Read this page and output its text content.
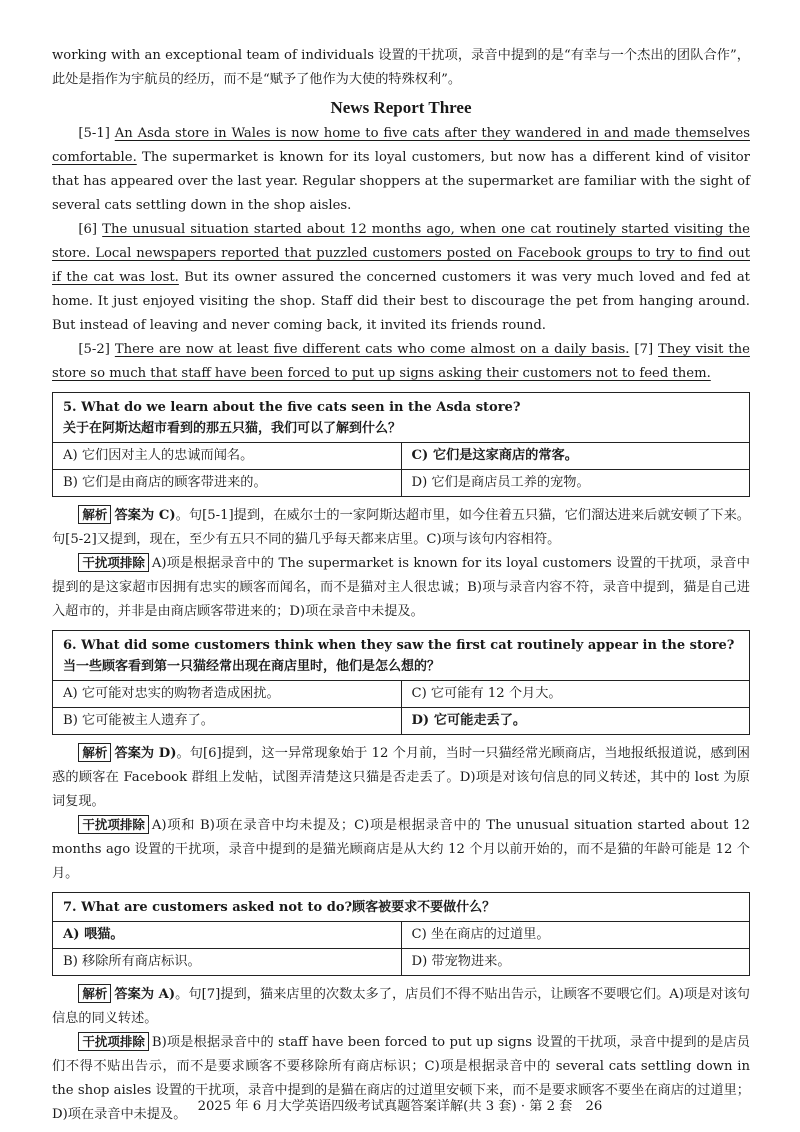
working with an exceptional team of individuals 设置的干扰项，录音中提到的是“有幸与一个杰出的团队合作”，此处是指作为宇航员的经历，而不是“赋予了他作为大使的特殊权利”。

News Report Three

[5-1] An Asda store in Wales is now home to five cats after they wandered in and made themselves comfortable. The supermarket is known for its loyal customers, but now has a different kind of visitor that has appeared over the last year. Regular shoppers at the supermarket are familiar with the sight of several cats settling down in the shop aisles.

[6] The unusual situation started about 12 months ago, when one cat routinely started visiting the store. Local newspapers reported that puzzled customers posted on Facebook groups to try to find out if the cat was lost. But its owner assured the concerned customers it was very much loved and fed at home. It just enjoyed visiting the shop. Staff did their best to discourage the pet from hanging around. But instead of leaving and never coming back, it invited its friends round.

[5-2] There are now at least five different cats who come almost on a daily basis. [7] They visit the store so much that staff have been forced to put up signs asking their customers not to feed them.

5. What do we learn about the five cats seen in the Asda store?
关于在阿斯达超市看到的那五只猫，我们可以了解到什么？
A) 它们因对主人的忠诚而闻名。	C) 它们是这家商店的常客。
B) 它们是由商店的顾客带进来的。	D) 它们是商店员工养的宠物。

解析 答案为 C)。句[5-1]提到，在威尔士的一家阿斯达超市里，如今住着五只猫，它们溜达进来后就安顿了下来。句[5-2]又提到，现在，至少有五只不同的猫几乎每天都来店里。C)项与该句内容相符。

干扰项排除 A)项是根据录音中的 The supermarket is known for its loyal customers 设置的干扰项，录音中提到的是这家超市因拥有忠实的顾客而闻名，而不是猫对主人很忠诚；B)项与录音内容不符，录音中提到，猫是自己进入超市的，并非是由商店顾客带进来的；D)项在录音中未提及。

6. What did some customers think when they saw the first cat routinely appear in the store?
当一些顾客看到第一只猫经常出现在商店里时，他们是怎么想的？
A) 它可能对忠实的购物者造成困扰。	C) 它可能有 12 个月大。
B) 它可能被主人遗弃了。	D) 它可能走丢了。

解析 答案为 D)。句[6]提到，这一异常现象始于 12 个月前，当时一只猫经常光顾商店，当地报纸报道说，感到困惑的顾客在 Facebook 群组上发帖，试图弄清楚这只猫是否走丢了。D)项是对该句信息的同义转述，其中的 lost 为原词复现。

干扰项排除 A)项和 B)项在录音中均未提及；C)项是根据录音中的 The unusual situation started about 12 months ago 设置的干扰项，录音中提到的是猫光顾商店是从大约 12 个月以前开始的，而不是猫的年龄可能是 12 个月。

7. What are customers asked not to do?顾客被要求不要做什么？
A) 喂猫。	C) 坐在商店的过道里。
B) 移除所有商店标识。	D) 带宠物进来。

解析 答案为 A)。句[7]提到，猫来店里的次数太多了，店员们不得不贴出告示，让顾客不要喂它们。A)项是对该句信息的同义转述。

干扰项排除 B)项是根据录音中的 staff have been forced to put up signs 设置的干扰项，录音中提到的是店员们不得不贴出告示，而不是要求顾客不要移除所有商店标识；C)项是根据录音中的 several cats settling down in the shop aisles 设置的干扰项，录音中提到的是猫在商店的过道里安顿下来，而不是要求顾客不要坐在商店的过道里；D)项在录音中未提及。

2025 年 6 月大学英语四级考试真题答案详解(共 3 套) · 第 2 套　26
